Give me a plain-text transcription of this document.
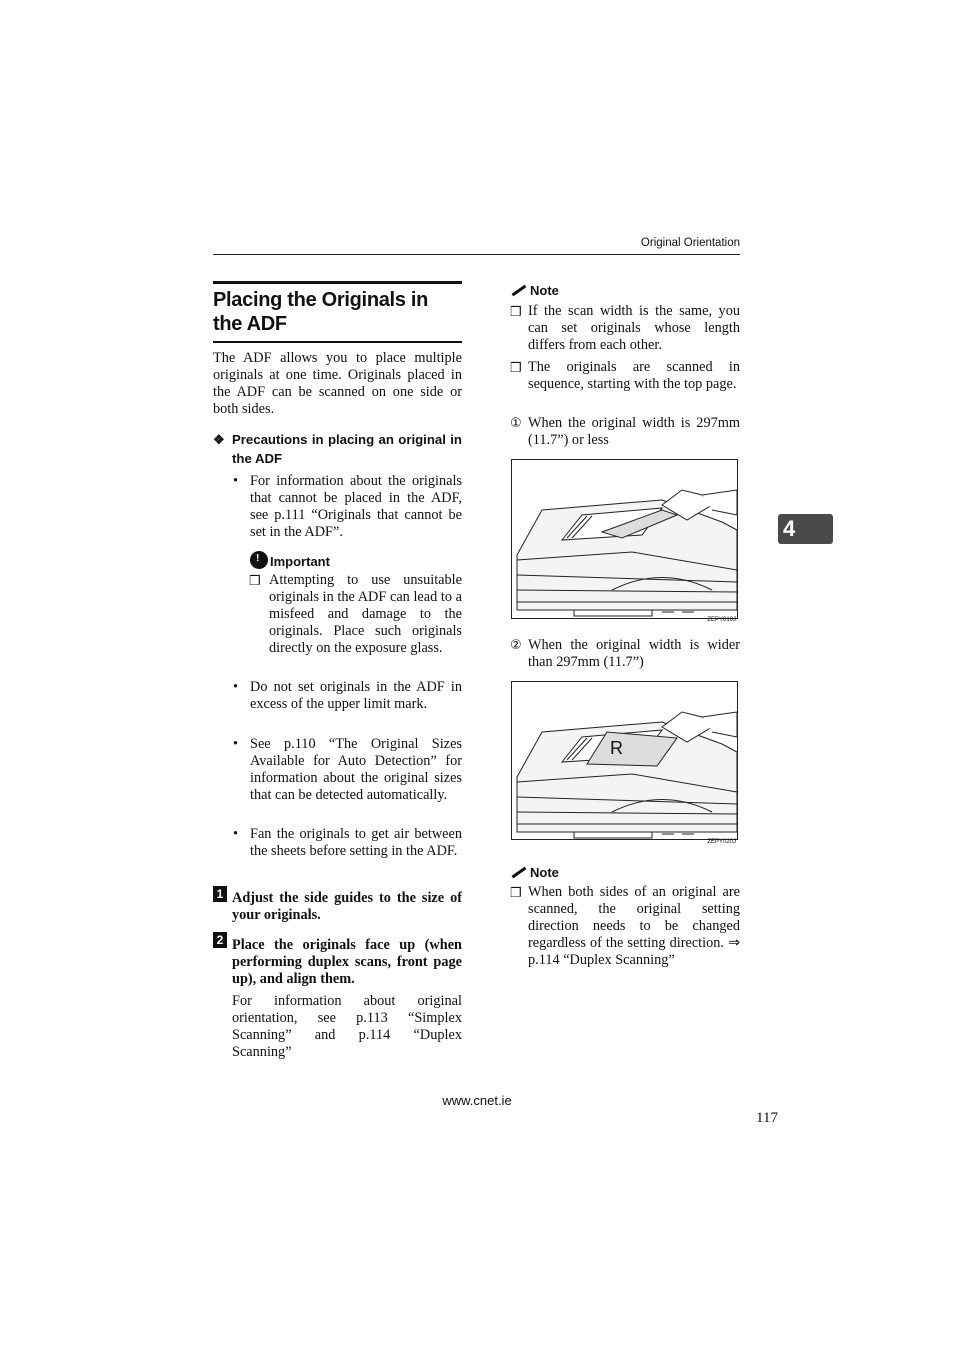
Original Orientation
Placing the Originals in the ADF
The ADF allows you to place multiple originals at one time. Originals placed in the ADF can be scanned on one side or both sides.
❖ Precautions in placing an original in the ADF
• For information about the originals that cannot be placed in the ADF, see p.111 “Originals that cannot be set in the ADF”.
!Important
❒ Attempting to use unsuitable originals in the ADF can lead to a misfeed and damage to the originals. Place such originals directly on the exposure glass.
• Do not set originals in the ADF in excess of the upper limit mark.
• See p.110 “The Original Sizes Available for Auto Detection” for information about the original sizes that can be detected automatically.
• Fan the originals to get air between the sheets before setting in the ADF.
1 Adjust the side guides to the size of your originals.
2 Place the originals face up (when performing duplex scans, front page up), and align them.
For information about original orientation, see p.113 “Simplex Scanning” and p.114 “Duplex Scanning”
Note
❒ If the scan width is the same, you can set originals whose length differs from each other.
❒ The originals are scanned in sequence, starting with the top page.
① When the original width is 297mm (11.7”) or less
ZEPY010J
② When the original width is wider than 297mm (11.7”)
R
ZEPY020J
Note
❒ When both sides of an original are scanned, the original setting direction needs to be changed regardless of the setting direction. ⇒ p.114 “Duplex Scanning”
4
www.cnet.ie
117
